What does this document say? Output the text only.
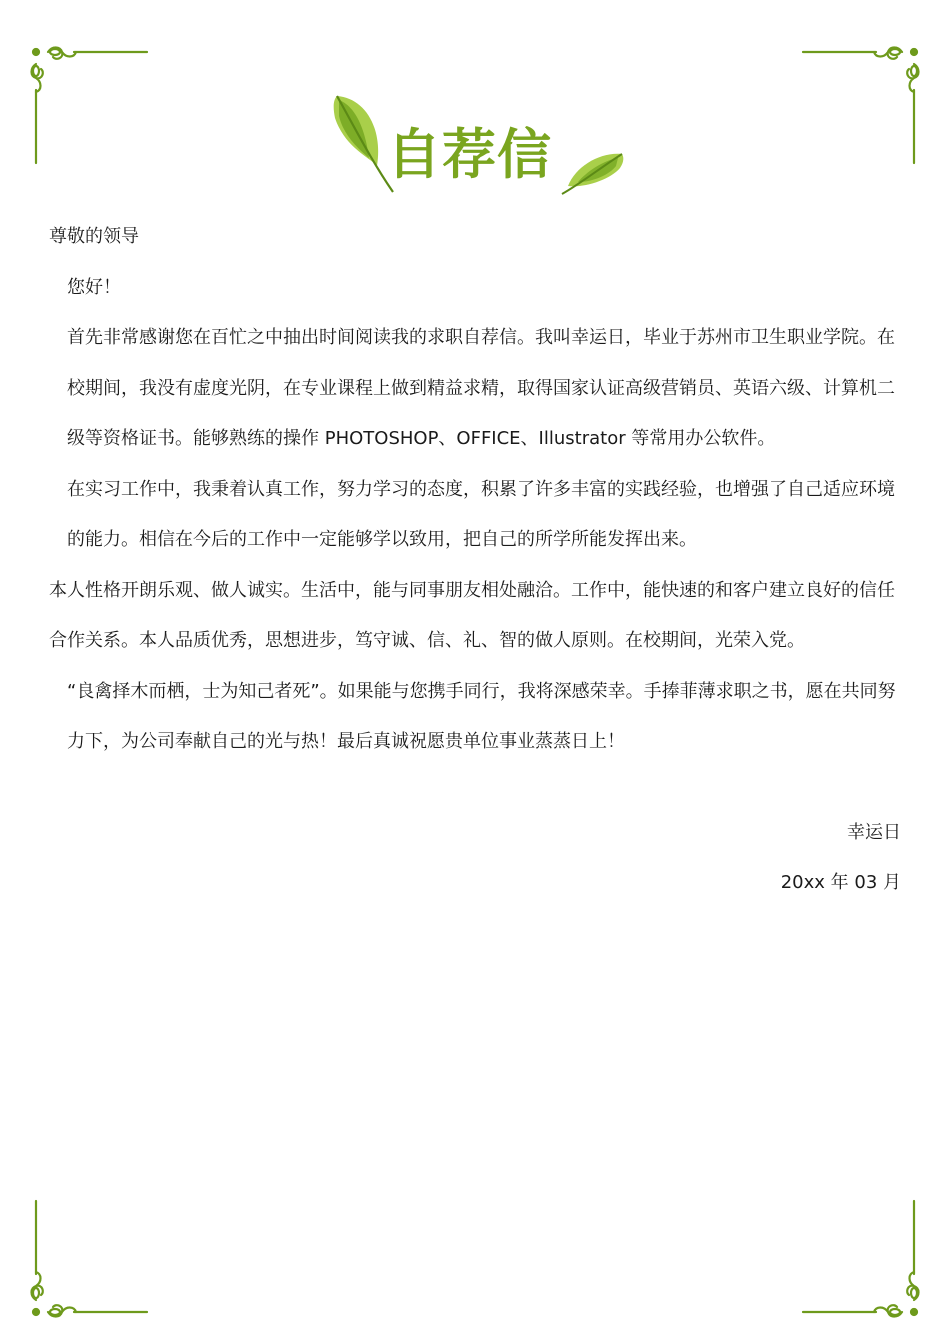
自荐信

尊敬的领导

您好！

首先非常感谢您在百忙之中抽出时间阅读我的求职自荐信。我叫幸运日，毕业于苏州市卫生职业学院。在校期间，我没有虚度光阴，在专业课程上做到精益求精，取得国家认证高级营销员、英语六级、计算机二级等资格证书。能够熟练的操作 PHOTOSHOP、OFFICE、Illustrator 等常用办公软件。

在实习工作中，我秉着认真工作，努力学习的态度，积累了许多丰富的实践经验，也增强了自己适应环境的能力。相信在今后的工作中一定能够学以致用，把自己的所学所能发挥出来。

本人性格开朗乐观、做人诚实。生活中，能与同事朋友相处融洽。工作中，能快速的和客户建立良好的信任合作关系。本人品质优秀，思想进步，笃守诚、信、礼、智的做人原则。在校期间，光荣入党。

“良禽择木而栖，士为知己者死”。如果能与您携手同行，我将深感荣幸。手捧菲薄求职之书，愿在共同努力下，为公司奉献自己的光与热！最后真诚祝愿贵单位事业蒸蒸日上！

幸运日
20xx 年 03 月
